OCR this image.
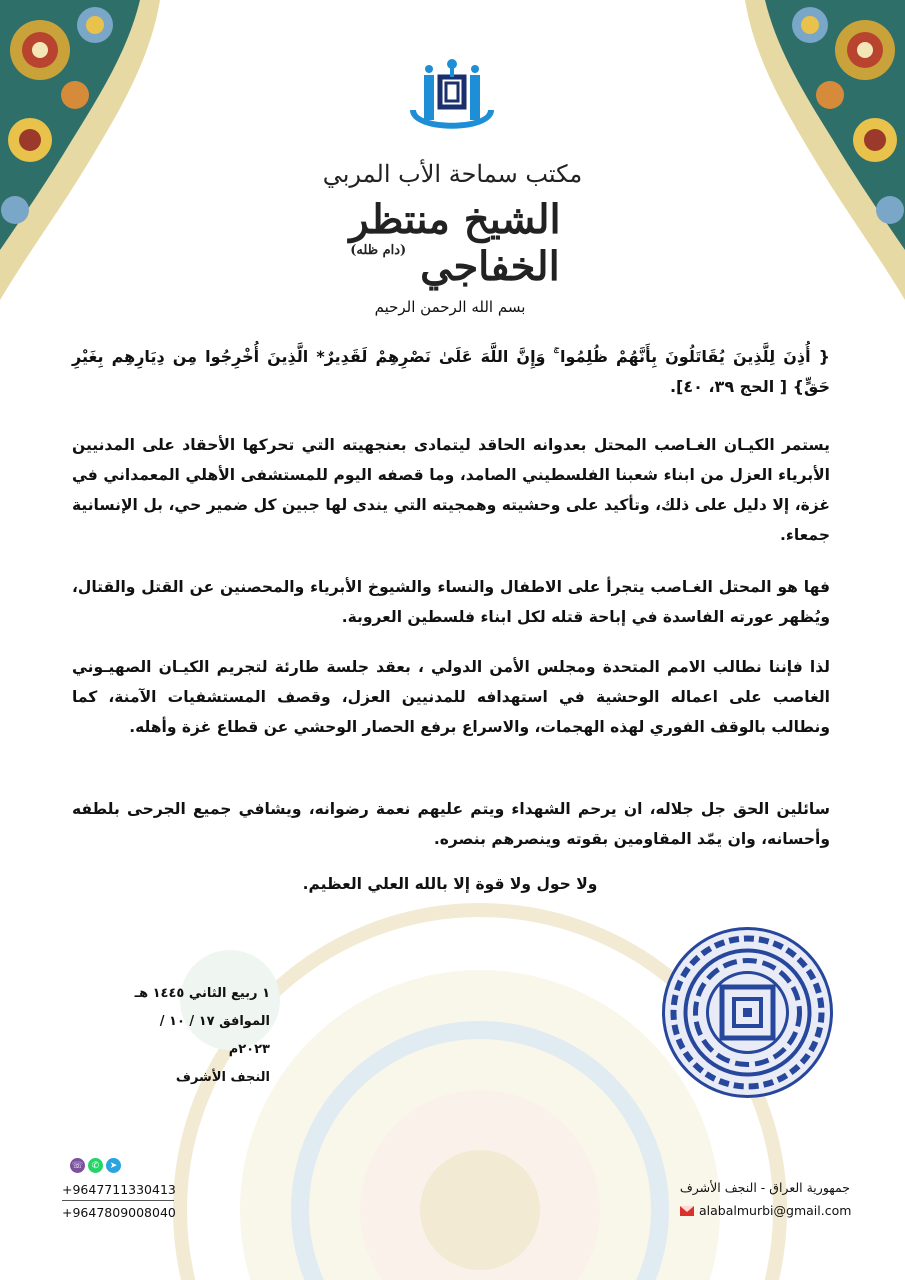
مكتب سماحة الأب المربي
الشيخ منتظر الخفاجي $^{(دام ظله)}$
بسم الله الرحمن الرحيم
{ أُذِنَ لِلَّذِينَ يُقَاتَلُونَ بِأَنَّهُمْ ظُلِمُوا ۚ وَإِنَّ اللَّهَ عَلَىٰ نَصْرِهِمْ لَقَدِيرٌ* الَّذِينَ أُخْرِجُوا مِن دِيَارِهِم بِغَيْرِ حَقٍّ} [ الحج ٣٩، ٤٠].
يستمر الكيـان الغـاصب المحتل بعدوانه الحاقد ليتمادى بعنجهيته التي تحركها الأحقاد على المدنيين الأبرياء العزل من ابناء شعبنا الفلسطيني الصامد، وما قصفه اليوم للمستشفى الأهلي المعمداني في غزة، إلا دليل على ذلك، وتأكيد على وحشيته وهمجيته التي يندى لها جبين كل ضمير حي، بل الإنسانية جمعاء.
فها هو المحتل الغـاصب يتجرأ على الاطفال والنساء والشيوخ الأبرياء والمحصنين عن القتل والقتال، ويُظهر عورته الفاسدة في إباحة قتله لكل ابناء فلسطين العروبة.
لذا فإننا نطالب الامم المتحدة ومجلس الأمن الدولي ، بعقد جلسة طارئة لتجريم الكيـان الصهيـوني الغاصب على اعماله الوحشية في استهدافه للمدنيين العزل، وقصف المستشفيات الآمنة، كما ونطالب بالوقف الفوري لهذه الهجمات، والاسراع برفع الحصار الوحشي عن قطاع غزة وأهله.
سائلين الحق جل جلاله، ان يرحم الشهداء ويتم عليهم نعمة رضوانه، ويشافي جميع الجرحى بلطفه وأحسانه، وان يمّد المقاومين بقوته وينصرهم بنصره.
ولا حول ولا قوة إلا بالله العلي العظيم.
١ ربيع الثاني ١٤٤٥ هـ
الموافق ١٧ / ١٠ / ٢٠٢٣م
النجف الأشرف
☏ ✆	➤
+9647711330413
+9647809008040
جمهورية العراق - النجف الأشرف
alabalmurbi@gmail.com
